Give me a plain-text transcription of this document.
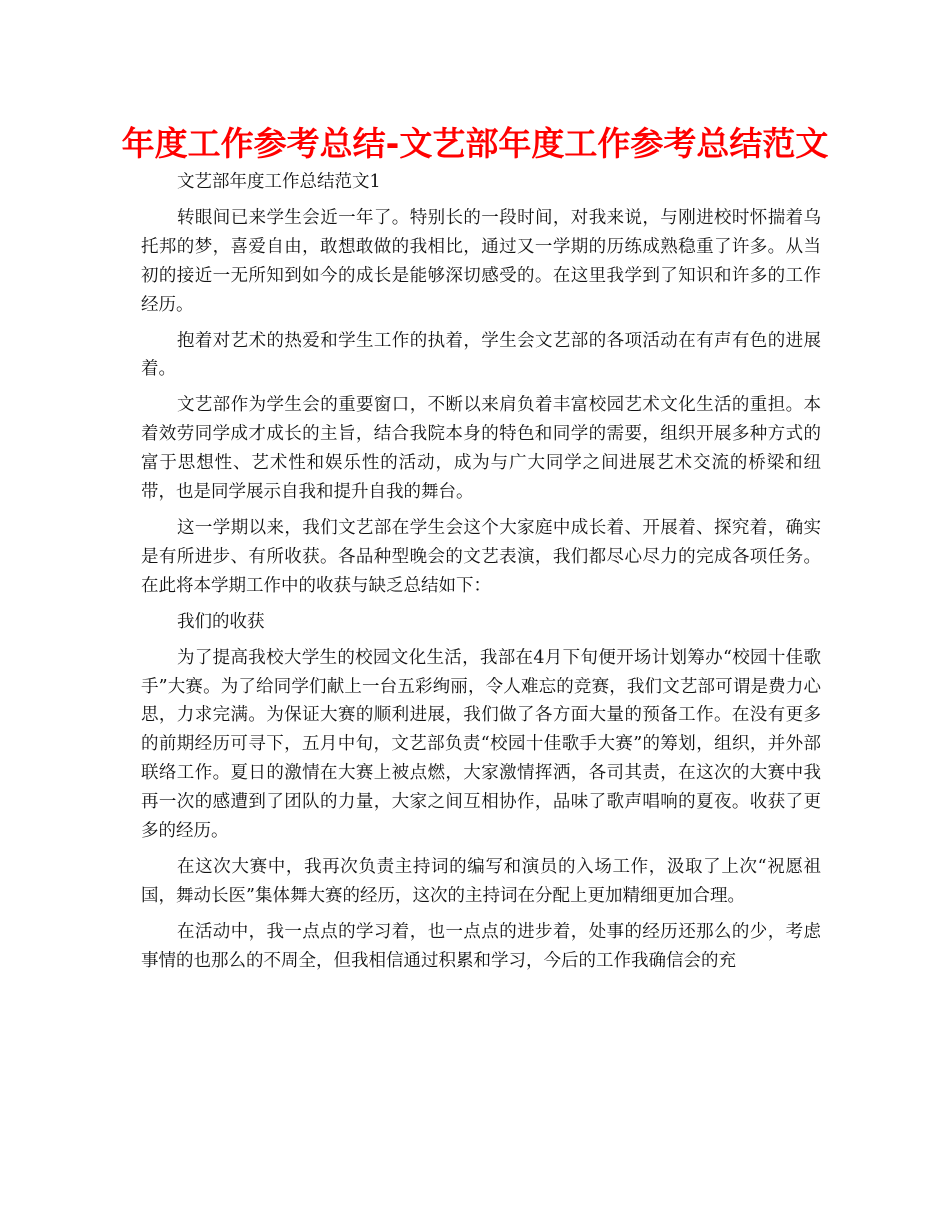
年度工作参考总结-文艺部年度工作参考总结范文

文艺部年度工作总结范文1

转眼间已来学生会近一年了。特别长的一段时间，对我来说，与刚进校时怀揣着乌托邦的梦，喜爱自由，敢想敢做的我相比，通过又一学期的历练成熟稳重了许多。从当初的接近一无所知到如今的成长是能够深切感受的。在这里我学到了知识和许多的工作经历。

抱着对艺术的热爱和学生工作的执着，学生会文艺部的各项活动在有声有色的进展着。

文艺部作为学生会的重要窗口，不断以来肩负着丰富校园艺术文化生活的重担。本着效劳同学成才成长的主旨，结合我院本身的特色和同学的需要，组织开展多种方式的富于思想性、艺术性和娱乐性的活动，成为与广大同学之间进展艺术交流的桥梁和纽带，也是同学展示自我和提升自我的舞台。

这一学期以来，我们文艺部在学生会这个大家庭中成长着、开展着、探究着，确实是有所进步、有所收获。各品种型晚会的文艺表演，我们都尽心尽力的完成各项任务。在此将本学期工作中的收获与缺乏总结如下：

我们的收获

为了提高我校大学生的校园文化生活，我部在4月下旬便开场计划筹办“校园十佳歌手”大赛。为了给同学们献上一台五彩绚丽，令人难忘的竞赛，我们文艺部可谓是费力心思，力求完满。为保证大赛的顺利进展，我们做了各方面大量的预备工作。在没有更多的前期经历可寻下，五月中旬，文艺部负责“校园十佳歌手大赛”的筹划，组织，并外部联络工作。夏日的激情在大赛上被点燃，大家激情挥洒，各司其责，在这次的大赛中我再一次的感遭到了团队的力量，大家之间互相协作，品味了歌声唱响的夏夜。收获了更多的经历。

在这次大赛中，我再次负责主持词的编写和演员的入场工作，汲取了上次“祝愿祖国，舞动长医”集体舞大赛的经历，这次的主持词在分配上更加精细更加合理。

在活动中，我一点点的学习着，也一点点的进步着，处事的经历还那么的少，考虑事情的也那么的不周全，但我相信通过积累和学习，今后的工作我确信会的充
